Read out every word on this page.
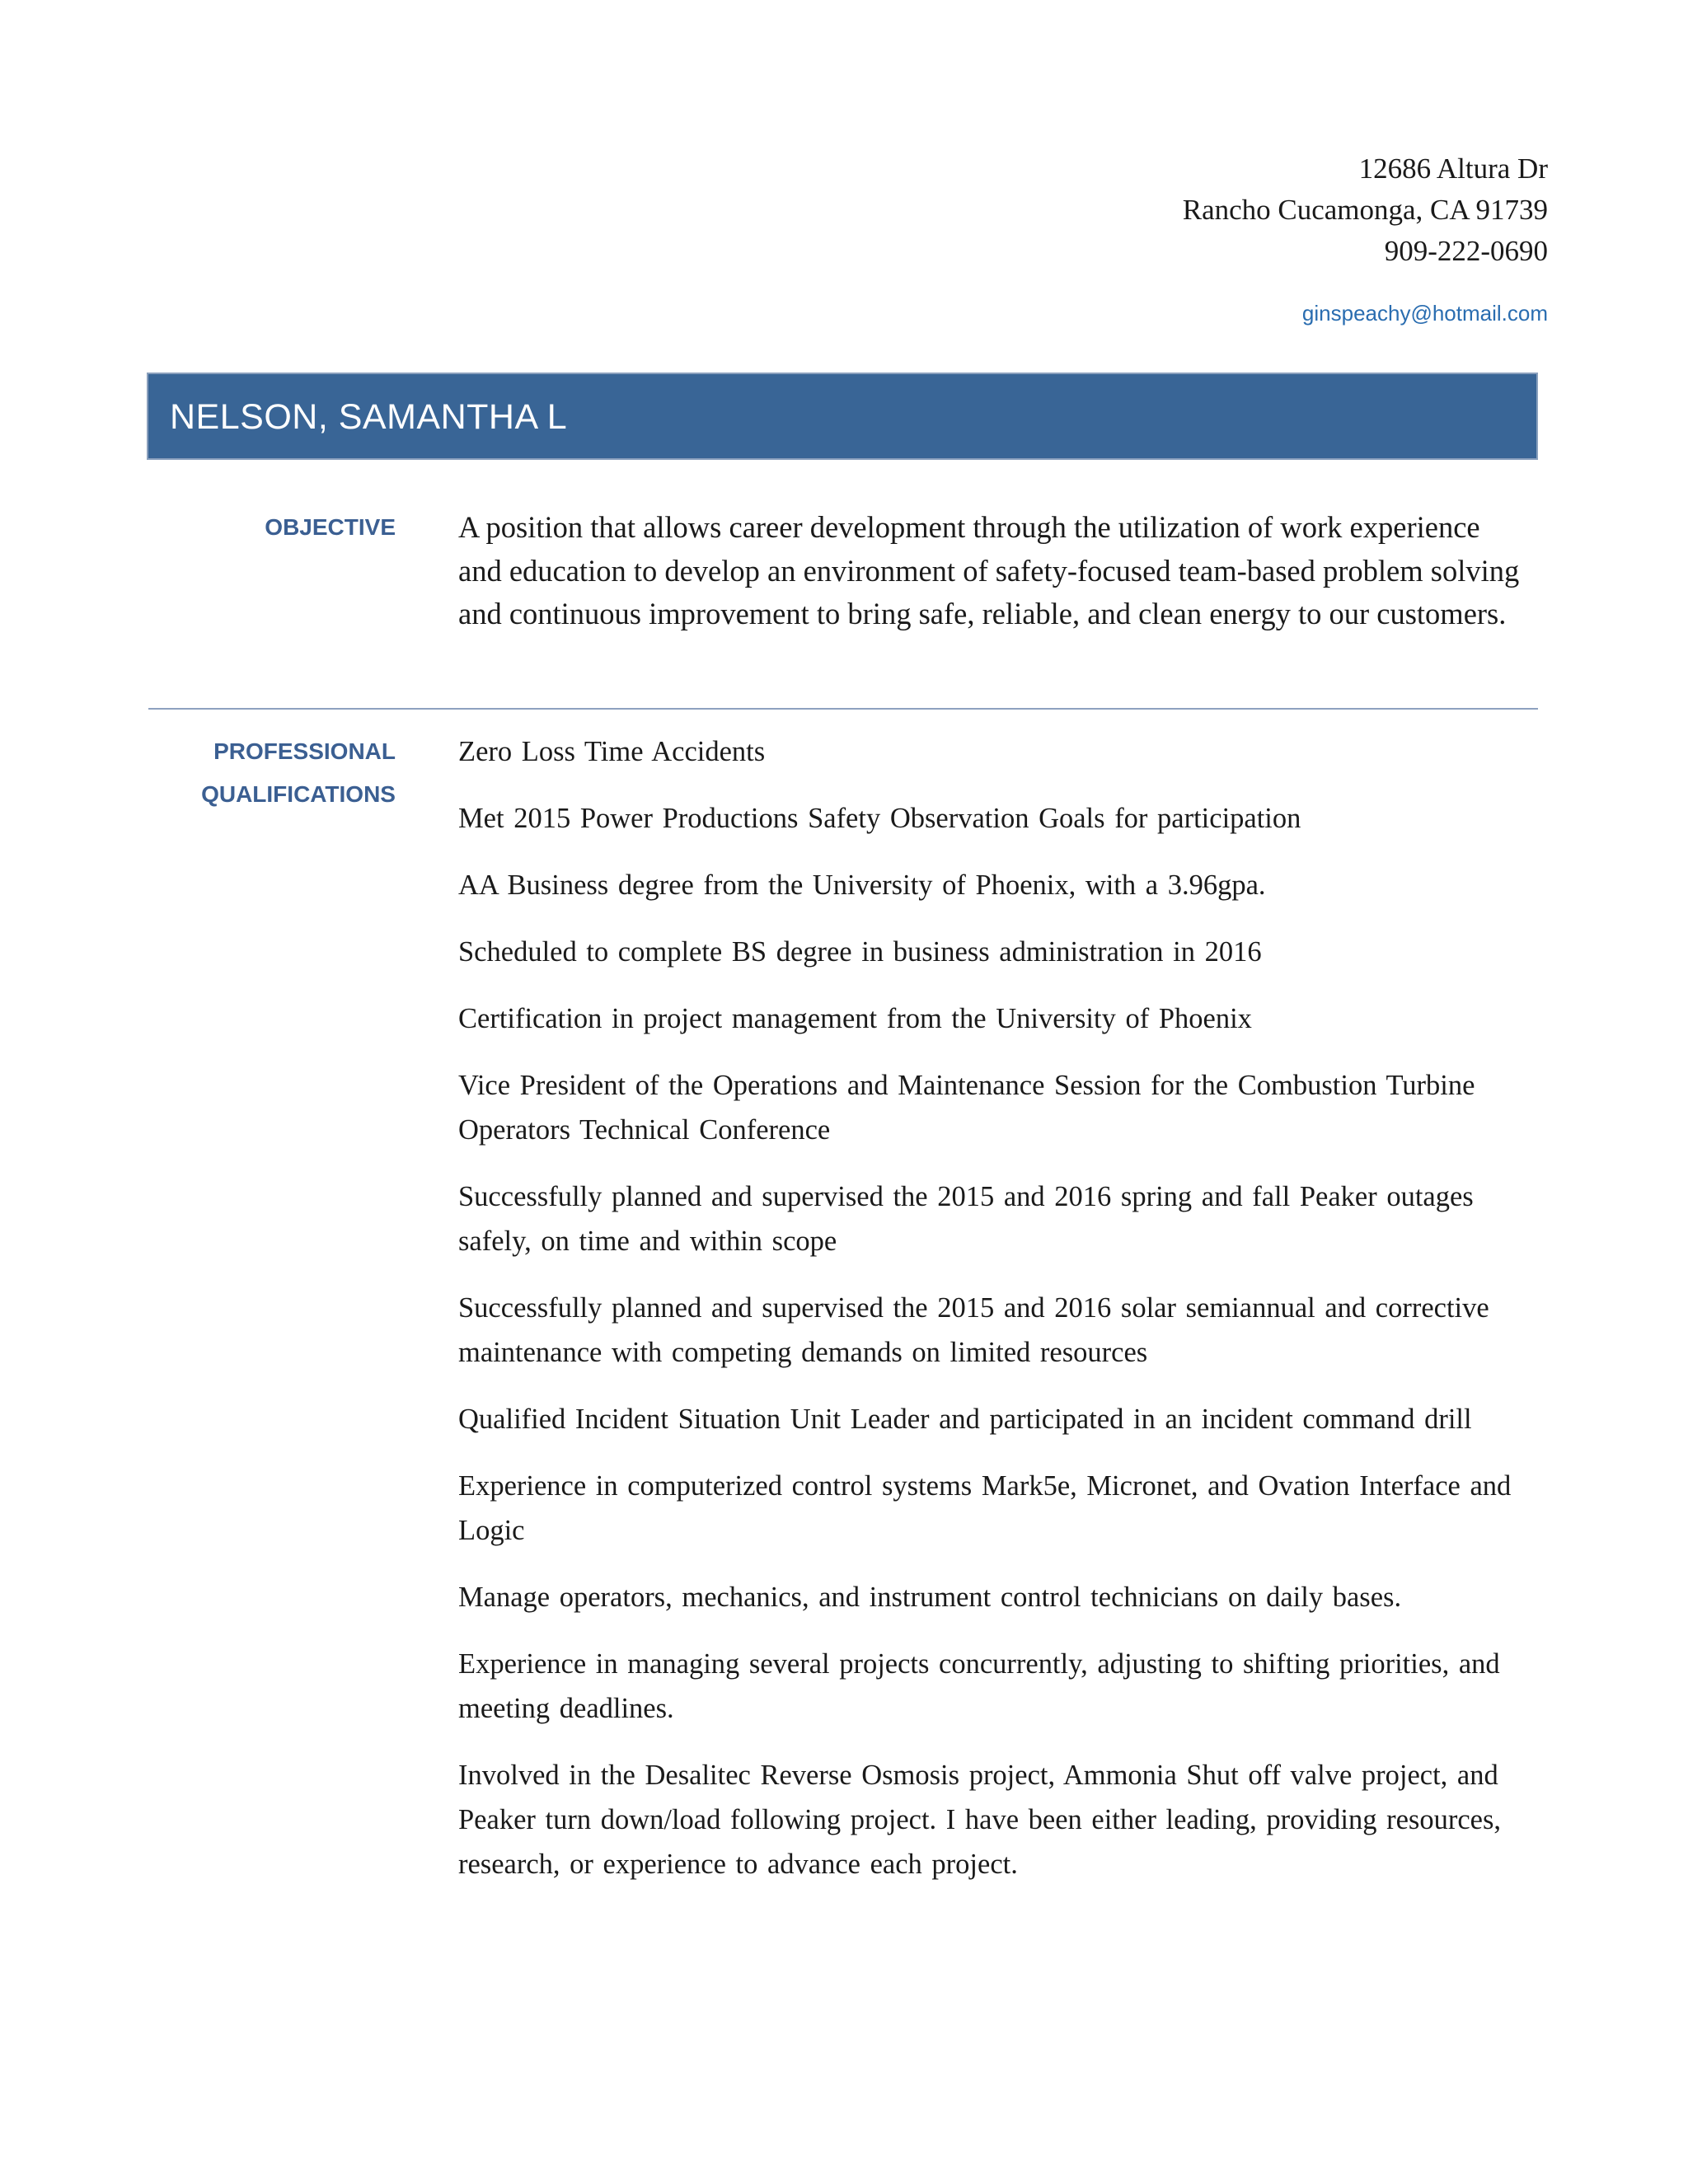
12686 Altura Dr
Rancho Cucamonga, CA 91739
909-222-0690
ginspeachy@hotmail.com
NELSON, SAMANTHA L
OBJECTIVE A position that allows career development through the utilization of work experience and education to develop an environment of safety-focused team-based problem solving and continuous improvement to bring safe, reliable, and clean energy to our customers.
PROFESSIONAL
QUALIFICATIONS
Zero Loss Time Accidents
Met 2015 Power Productions Safety Observation Goals for participation
AA Business degree from the University of Phoenix, with a 3.96gpa.
Scheduled to complete BS degree in business administration in 2016
Certification in project management from the University of Phoenix
Vice President of the Operations and Maintenance Session for the Combustion Turbine Operators Technical Conference
Successfully planned and supervised the 2015 and 2016 spring and fall Peaker outages safely, on time and within scope
Successfully planned and supervised the 2015 and 2016 solar semiannual and corrective maintenance with competing demands on limited resources
Qualified Incident Situation Unit Leader and participated in an incident command drill
Experience in computerized control systems Mark5e, Micronet, and Ovation Interface and Logic
Manage operators, mechanics, and instrument control technicians on daily bases.
Experience in managing several projects concurrently, adjusting to shifting priorities, and meeting deadlines.
Involved in the Desalitec Reverse Osmosis project, Ammonia Shut off valve project, and Peaker turn down/load following project. I have been either leading, providing resources, research, or experience to advance each project.
